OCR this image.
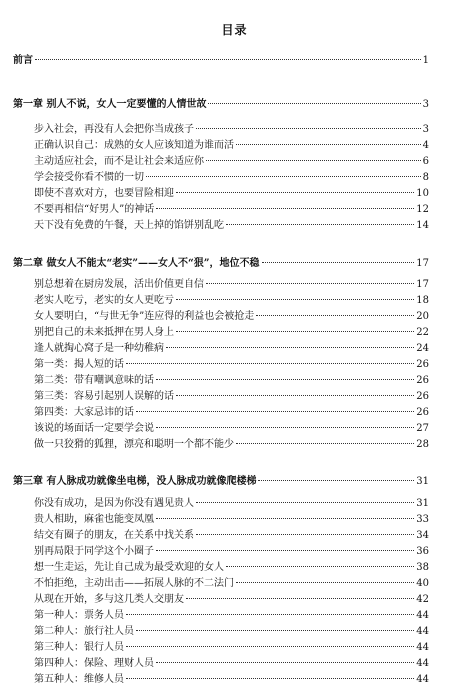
目录
前言	1
第一章 别人不说，女人一定要懂的人情世故	3
步入社会，再没有人会把你当成孩子	3
正确认识自己：成熟的女人应该知道为谁而活	4
主动适应社会，而不是让社会来适应你	6
学会接受你看不惯的一切	8
即使不喜欢对方，也要冒险相迎	10
不要再相信“好男人”的神话	12
天下没有免费的午餐，天上掉的馅饼别乱吃	14
第二章 做女人不能太“老实”——女人不“狠”，地位不稳	17
别总想着在厨房发展，活出价值更自信	17
老实人吃亏，老实的女人更吃亏	18
女人要明白，“与世无争”连应得的利益也会被抢走	20
别把自己的未来抵押在男人身上	22
逢人就掏心窝子是一种幼稚病	24
第一类：揭人短的话	26
第二类：带有嘲讽意味的话	26
第三类：容易引起别人误解的话	26
第四类：大家忌讳的话	26
该说的场面话一定要学会说	27
做一只狡猾的狐狸，漂亮和聪明一个都不能少	28
第三章 有人脉成功就像坐电梯，没人脉成功就像爬楼梯	31
你没有成功，是因为你没有遇见贵人	31
贵人相助，麻雀也能变凤凰	33
结交有圈子的朋友，在关系中找关系	34
别再局限于同学这个小圈子	36
想一生走运，先让自己成为最受欢迎的女人	38
不怕拒绝，主动出击——拓展人脉的不二法门	40
从现在开始，多与这几类人交朋友	42
第一种人：票务人员	44
第二种人：旅行社人员	44
第三种人：银行人员	44
第四种人：保险、理财人员	44
第五种人：维修人员	44
